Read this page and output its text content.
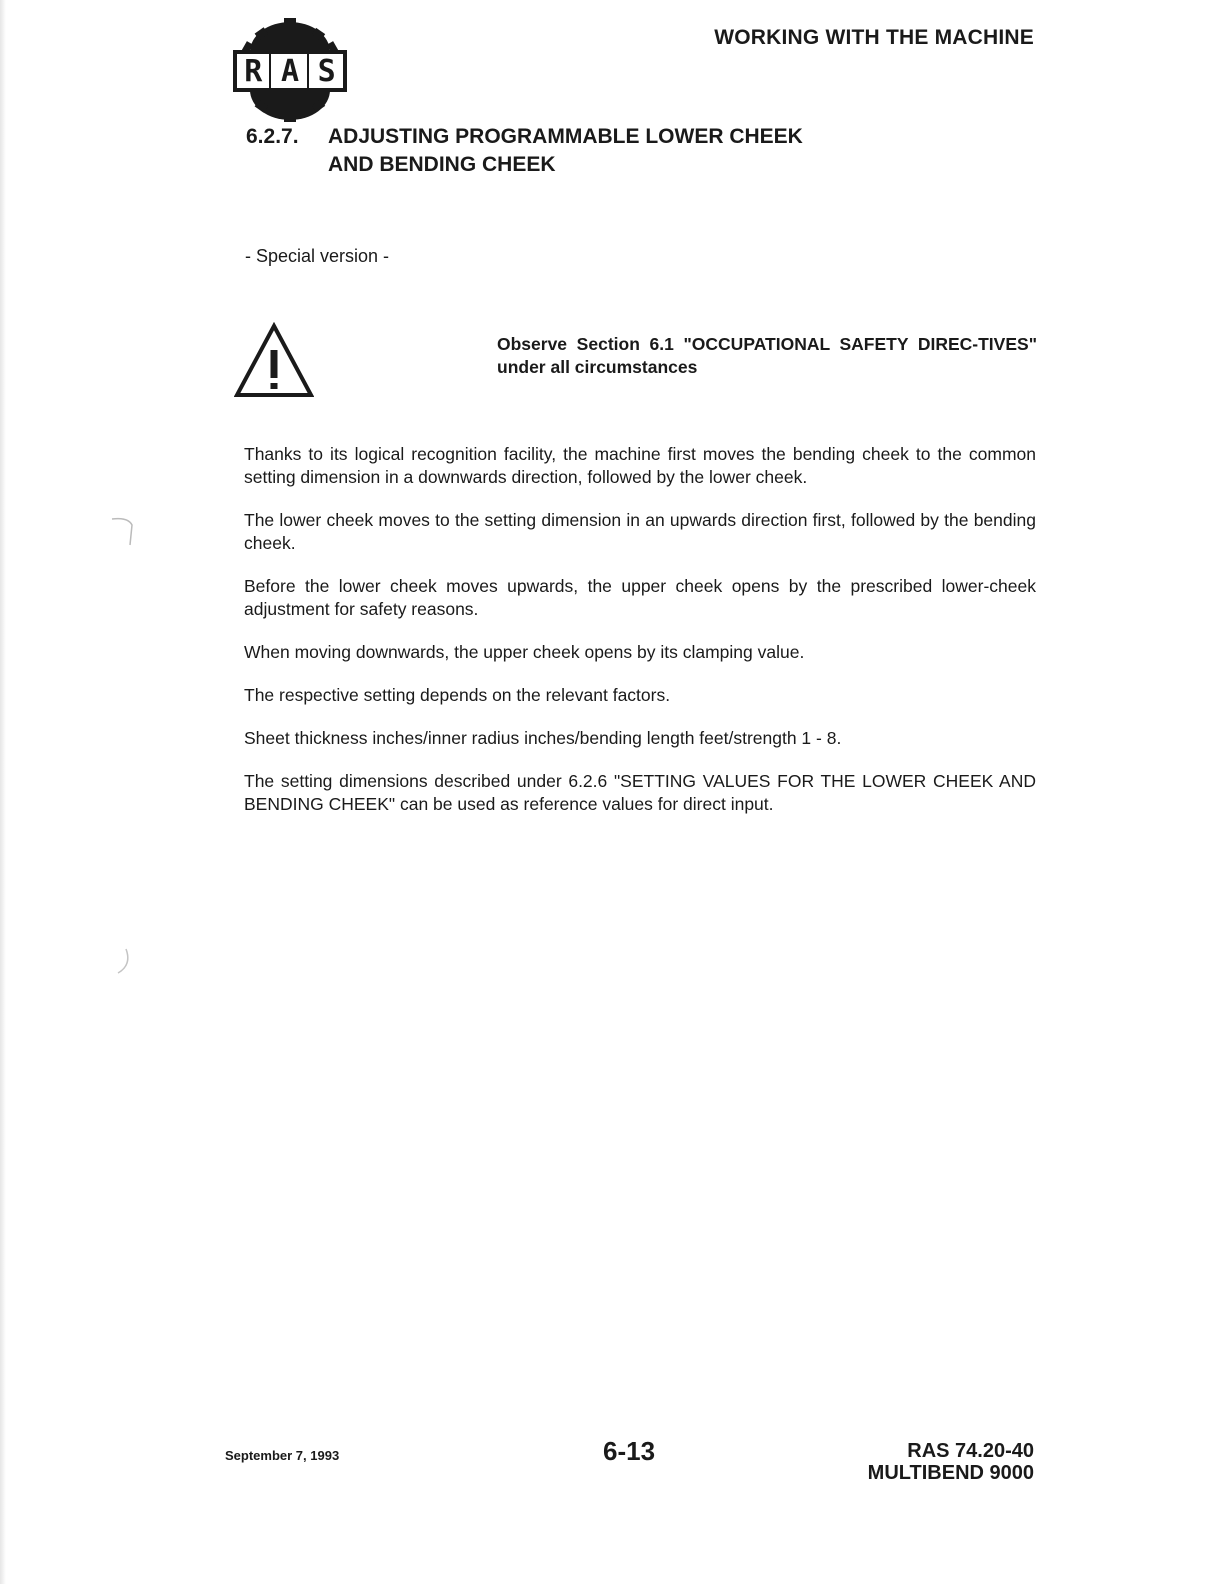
R A S
WORKING WITH THE MACHINE
6.2.7. ADJUSTING PROGRAMMABLE LOWER CHEEK
AND BENDING CHEEK
- Special version -
Observe Section 6.1 "OCCUPATIONAL SAFETY DIREC-TIVES" under all circumstances

Thanks to its logical recognition facility, the machine first moves the bending cheek to the common setting dimension in a downwards direction, followed by the lower cheek.

The lower cheek moves to the setting dimension in an upwards direction first, followed by the bending cheek.

Before the lower cheek moves upwards, the upper cheek opens by the prescribed lower-cheek adjustment for safety reasons.

When moving downwards, the upper cheek opens by its clamping value.

The respective setting depends on the relevant factors.

Sheet thickness inches/inner radius inches/bending length feet/strength 1 - 8.

The setting dimensions described under 6.2.6 "SETTING VALUES FOR THE LOWER CHEEK AND BENDING CHEEK" can be used as reference values for direct input.

September 7, 1993	6-13	RAS 74.20-40
MULTIBEND 9000
